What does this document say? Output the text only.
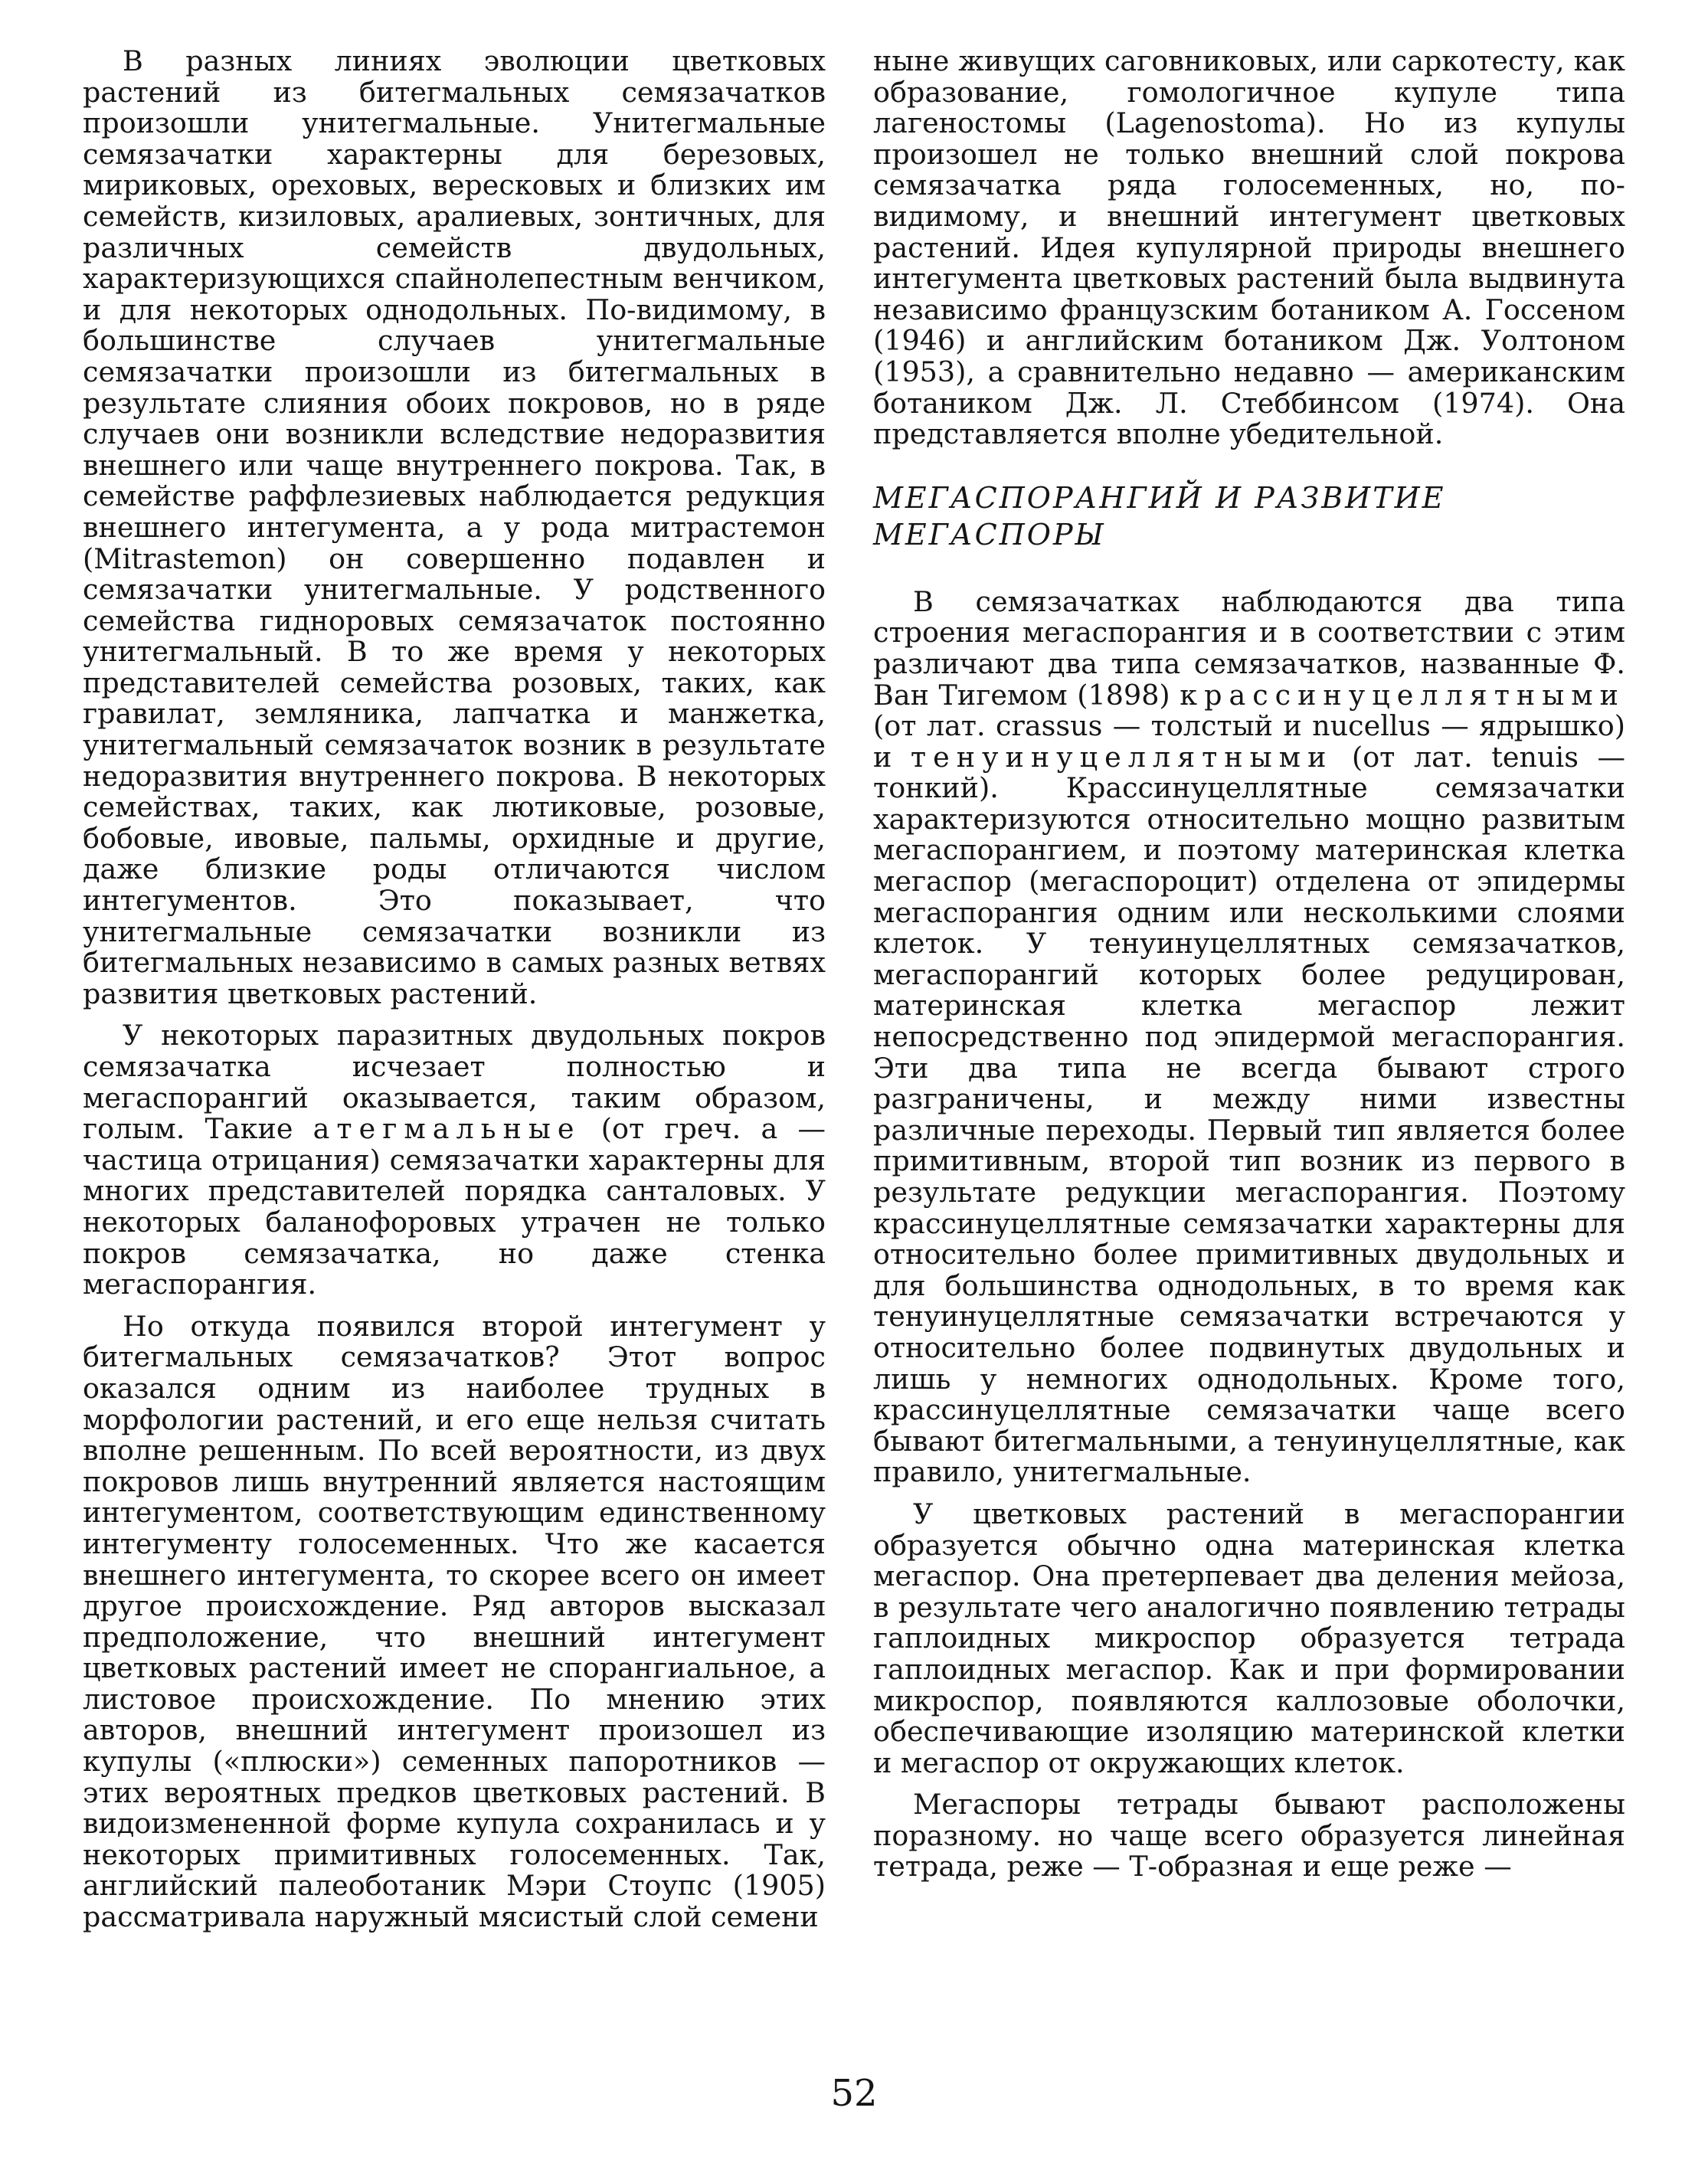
В разных линиях эволюции цветковых растений из битегмальных семязачатков произошли унитегмальные. Унитегмальные семязачатки характерны для березовых, мириковых, ореховых, вересковых и близких им семейств, кизиловых, аралиевых, зонтичных, для различных семейств двудольных, характеризующихся спайнолепестным венчиком, и для некоторых однодольных. По-видимому, в большинстве случаев унитегмальные семязачатки произошли из битегмальных в результате слияния обоих покровов, но в ряде случаев они возникли вследствие недоразвития внешнего или чаще внутреннего покрова. Так, в семействе раффлезиевых наблюдается редукция внешнего интегумента, а у рода митрастемон (Mitrastemon) он совершенно подавлен и семязачатки унитегмальные. У родственного семейства гидноровых семязачаток постоянно унитегмальный. В то же время у некоторых представителей семейства розовых, таких, как гравилат, земляника, лапчатка и манжетка, унитегмальный семязачаток возник в результате недоразвития внутреннего покрова. В некоторых семействах, таких, как лютиковые, розовые, бобовые, ивовые, пальмы, орхидные и другие, даже близкие роды отличаются числом интегументов. Это показывает, что унитегмальные семязачатки возникли из битегмальных независимо в самых разных ветвях развития цветковых растений.

У некоторых паразитных двудольных покров семязачатка исчезает полностью и мегаспорангий оказывается, таким образом, голым. Такие атегмальные (от греч. а — частица отрицания) семязачатки характерны для многих представителей порядка санталовых. У некоторых баланофоровых утрачен не только покров семязачатка, но даже стенка мегаспорангия.

Но откуда появился второй интегумент у битегмальных семязачатков? Этот вопрос оказался одним из наиболее трудных в морфологии растений, и его еще нельзя считать вполне решенным. По всей вероятности, из двух покровов лишь внутренний является настоящим интегументом, соответствующим единственному интегументу голосеменных. Что же касается внешнего интегумента, то скорее всего он имеет другое происхождение. Ряд авторов высказал предположение, что внешний интегумент цветковых растений имеет не спорангиальное, а листовое происхождение. По мнению этих авторов, внешний интегумент произошел из купулы («плюски») семенных папоротников — этих вероятных предков цветковых растений. В видоизмененной форме купула сохранилась и у некоторых примитивных голосеменных. Так, английский палеоботаник Мэри Стоупс (1905) рассматривала наружный мясистый слой семени

ныне живущих саговниковых, или саркотесту, как образование, гомологичное купуле типа лагеностомы (Lagenostoma). Но из купулы произошел не только внешний слой покрова семязачатка ряда голосеменных, но, по-видимому, и внешний интегумент цветковых растений. Идея купулярной природы внешнего интегумента цветковых растений была выдвинута независимо французским ботаником А. Госсеном (1946) и английским ботаником Дж. Уолтоном (1953), а сравнительно недавно — американским ботаником Дж. Л. Стеббинсом (1974). Она представляется вполне убедительной.

МЕГАСПОРАНГИЙ И РАЗВИТИЕ
МЕГАСПОРЫ

В семязачатках наблюдаются два типа строения мегаспорангия и в соответствии с этим различают два типа семязачатков, названные Ф. Ван Тигемом (1898) крассинуцеллятными (от лат. crassus — толстый и nucellus — ядрышко) и тенуинуцеллятными (от лат. tenuis — тонкий). Крассинуцеллятные семязачатки характеризуются относительно мощно развитым мегаспорангием, и поэтому материнская клетка мегаспор (мегаспороцит) отделена от эпидермы мегаспорангия одним или несколькими слоями клеток. У тенуинуцеллятных семязачатков, мегаспорангий которых более редуцирован, материнская клетка мегаспор лежит непосредственно под эпидермой мегаспорангия. Эти два типа не всегда бывают строго разграничены, и между ними известны различные переходы. Первый тип является более примитивным, второй тип возник из первого в результате редукции мегаспорангия. Поэтому крассинуцеллятные семязачатки характерны для относительно более примитивных двудольных и для большинства однодольных, в то время как тенуинуцеллятные семязачатки встречаются у относительно более подвинутых двудольных и лишь у немногих однодольных. Кроме того, крассинуцеллятные семязачатки чаще всего бывают битегмальными, а тенуинуцеллятные, как правило, унитегмальные.

У цветковых растений в мегаспорангии образуется обычно одна материнская клетка мегаспор. Она претерпевает два деления мейоза, в результате чего аналогично появлению тетрады гаплоидных микроспор образуется тетрада гаплоидных мегаспор. Как и при формировании микроспор, появляются каллозовые оболочки, обеспечивающие изоляцию материнской клетки и мегаспор от окружающих клеток.

Мегаспоры тетрады бывают расположены поразному. но чаще всего образуется линейная тетрада, реже — Т-образная и еще реже —

52
